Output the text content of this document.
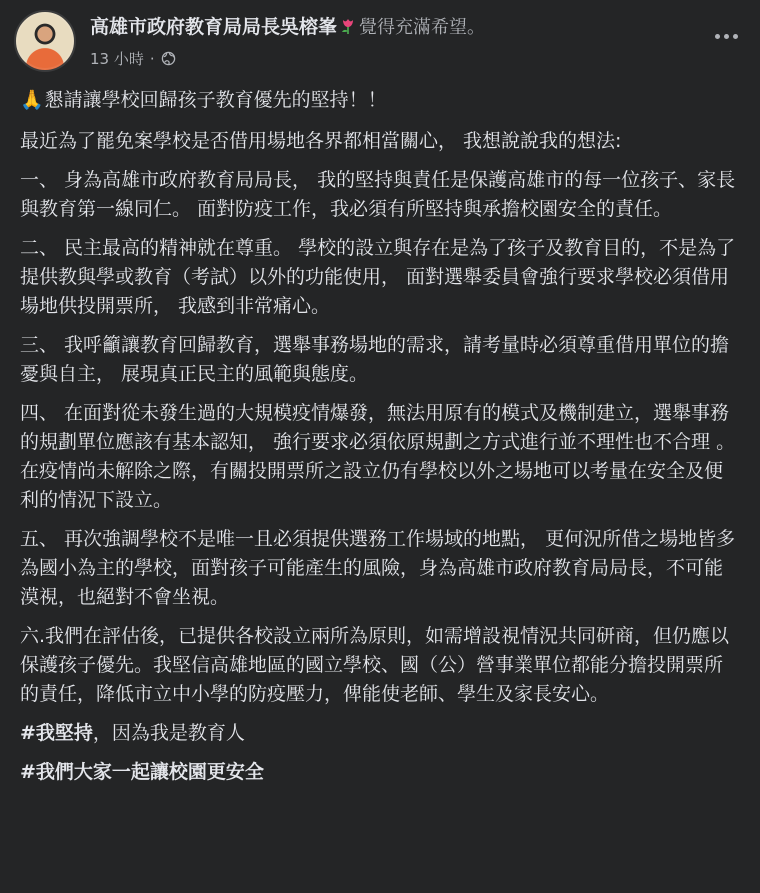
高雄市政府教育局局長吳榕峯 覺得充滿希望。
13 小時 ·

🙏懇請讓學校回歸孩子教育優先的堅持！！

最近為了罷免案學校是否借用場地各界都相當關心， 我想說說我的想法:

一、 身為高雄市政府教育局局長， 我的堅持與責任是保護高雄市的每一位孩子、家長與教育第一線同仁。 面對防疫工作，我必須有所堅持與承擔校園安全的責任。

二、 民主最高的精神就在尊重。 學校的設立與存在是為了孩子及教育目的，不是為了提供教與學或教育（考試）以外的功能使用， 面對選舉委員會強行要求學校必須借用場地供投開票所， 我感到非常痛心。

三、 我呼籲讓教育回歸教育，選舉事務場地的需求，請考量時必須尊重借用單位的擔憂與自主， 展現真正民主的風範與態度。

四、 在面對從未發生過的大規模疫情爆發，無法用原有的模式及機制建立，選舉事務的規劃單位應該有基本認知， 強行要求必須依原規劃之方式進行並不理性也不合理 。在疫情尚未解除之際，有關投開票所之設立仍有學校以外之場地可以考量在安全及便利的情況下設立。

五、 再次強調學校不是唯一且必須提供選務工作場域的地點， 更何況所借之場地皆多為國小為主的學校，面對孩子可能產生的風險，身為高雄市政府教育局局長，不可能漠視，也絕對不會坐視。

六.我們在評估後，已提供各校設立兩所為原則，如需增設視情況共同研商，但仍應以保護孩子優先。我堅信高雄地區的國立學校、國（公）營事業單位都能分擔投開票所的責任，降低市立中小學的防疫壓力，俾能使老師、學生及家長安心。

#我堅持，因為我是教育人

#我們大家一起讓校園更安全
